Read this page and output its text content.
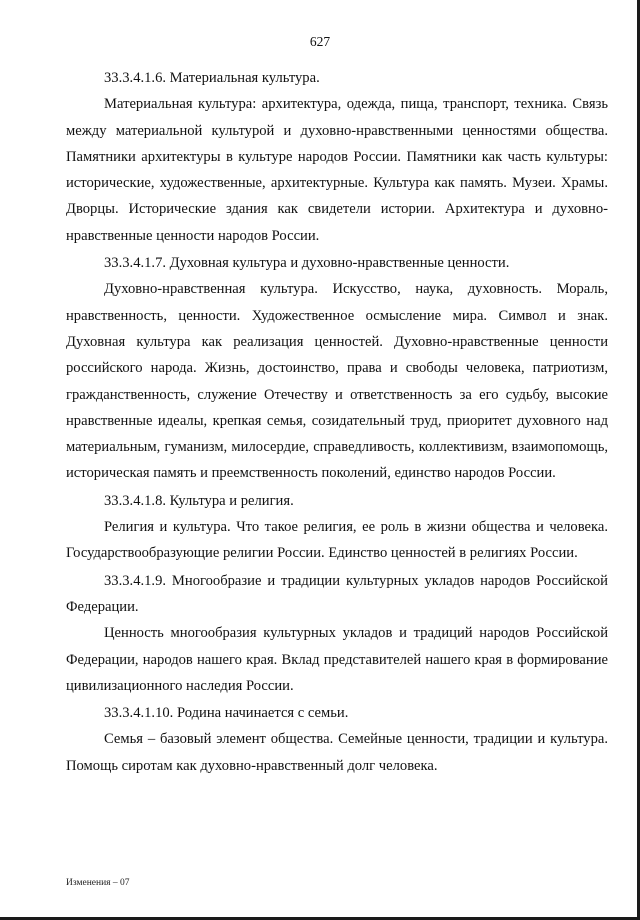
627

33.3.4.1.6. Материальная культура.

Материальная культура: архитектура, одежда, пища, транспорт, техника. Связь между материальной культурой и духовно-нравственными ценностями общества. Памятники архитектуры в культуре народов России. Памятники как часть культуры: исторические, художественные, архитектурные. Культура как память. Музеи. Храмы. Дворцы. Исторические здания как свидетели истории. Архитектура и духовно-нравственные ценности народов России.

33.3.4.1.7. Духовная культура и духовно-нравственные ценности.

Духовно-нравственная культура. Искусство, наука, духовность. Мораль, нравственность, ценности. Художественное осмысление мира. Символ и знак. Духовная культура как реализация ценностей. Духовно-нравственные ценности российского народа. Жизнь, достоинство, права и свободы человека, патриотизм, гражданственность, служение Отечеству и ответственность за его судьбу, высокие нравственные идеалы, крепкая семья, созидательный труд, приоритет духовного над материальным, гуманизм, милосердие, справедливость, коллективизм, взаимопомощь, историческая память и преемственность поколений, единство народов России.

33.3.4.1.8. Культура и религия.

Религия и культура. Что такое религия, ее роль в жизни общества и человека. Государствообразующие религии России. Единство ценностей в религиях России.

33.3.4.1.9. Многообразие и традиции культурных укладов народов Российской Федерации.

Ценность многообразия культурных укладов и традиций народов Российской Федерации, народов нашего края. Вклад представителей нашего края в формирование цивилизационного наследия России.

33.3.4.1.10. Родина начинается с семьи.

Семья – базовый элемент общества. Семейные ценности, традиции и культура. Помощь сиротам как духовно-нравственный долг человека.

Изменения – 07
